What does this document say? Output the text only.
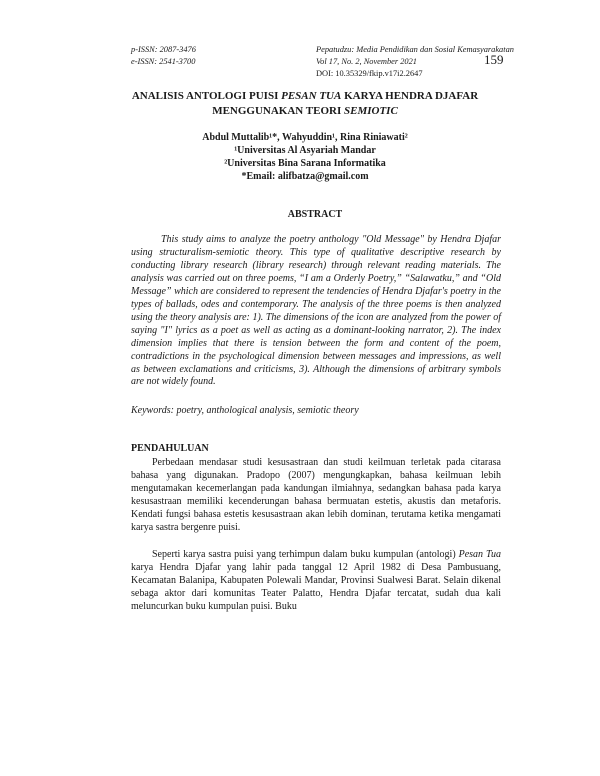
p-ISSN: 2087-3476
e-ISSN: 2541-3700
Pepatudzu: Media Pendidikan dan Sosial Kemasyarakatan
Vol 17, No. 2, November 2021
DOI: 10.35329/fkip.v17i2.2647
159
ANALISIS ANTOLOGI PUISI PESAN TUA KARYA HENDRA DJAFAR
MENGGUNAKAN TEORI SEMIOTIC
Abdul Muttalib¹*, Wahyuddin¹, Rina Riniawati²
¹Universitas Al Asyariah Mandar
²Universitas Bina Sarana Informatika
*Email: alifbatza@gmail.com
ABSTRACT

This study aims to analyze the poetry anthology "Old Message" by Hendra Djafar using structuralism-semiotic theory. This type of qualitative descriptive research by conducting library research (library research) through relevant reading materials. The analysis was carried out on three poems, “I am a Orderly Poetry,” “Salawatku,” and “Old Message” which are considered to represent the tendencies of Hendra Djafar's poetry in the types of ballads, odes and contemporary. The analysis of the three poems is then analyzed using the theory analysis are: 1). The dimensions of the icon are analyzed from the power of saying "I" lyrics as a poet as well as acting as a dominant-looking narrator, 2). The index dimension implies that there is tension between the form and content of the poem, contradictions in the psychological dimension between messages and impressions, as well as between exclamations and criticisms, 3). Although the dimensions of arbitrary symbols are not widely found.

Keywords: poetry, anthological analysis, semiotic theory
PENDAHULUAN

Perbedaan mendasar studi kesusastraan dan studi keilmuan terletak pada citarasa bahasa yang digunakan. Pradopo (2007) mengungkapkan, bahasa keilmuan lebih mengutamakan kecemerlangan pada kandungan ilmiahnya, sedangkan bahasa pada karya kesusastraan memiliki kecenderungan bahasa bermuatan estetis, akustis dan metaforis. Kendati fungsi bahasa estetis kesusastraan akan lebih dominan, terutama ketika mengamati karya sastra bergenre puisi.

Seperti karya sastra puisi yang terhimpun dalam buku kumpulan (antologi) Pesan Tua karya Hendra Djafar yang lahir pada tanggal 12 April 1982 di Desa Pambusuang, Kecamatan Balanipa, Kabupaten Polewali Mandar, Provinsi Sualwesi Barat. Selain dikenal sebaga aktor dari komunitas Teater Palatto, Hendra Djafar tercatat, sudah dua kali meluncurkan buku kumpulan puisi. Buku
